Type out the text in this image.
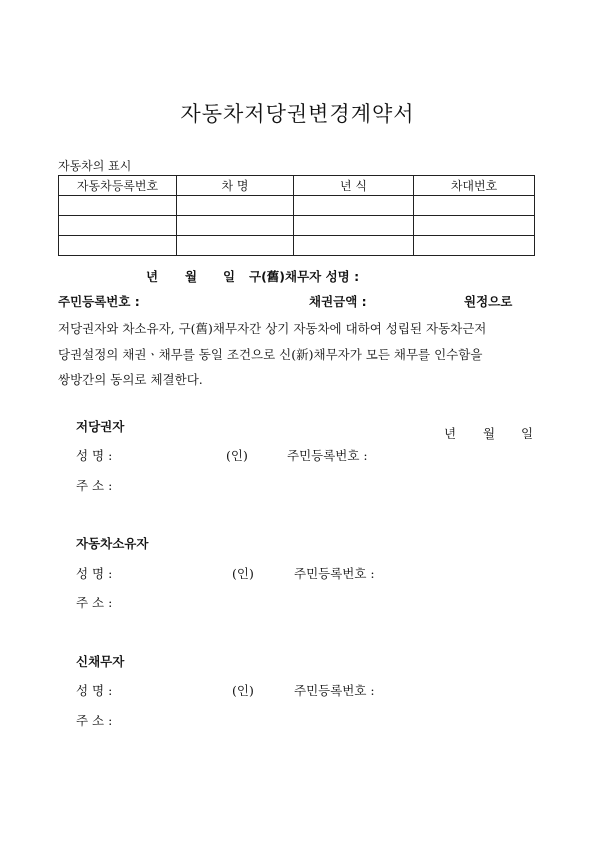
자동차저당권변경계약서
자동차의 표시
자동차등록번호	차 명	년 식	차대번호

년 월 일 구(舊)채무자 성명 :
주민등록번호 :	채권금액 :	원정으로
저당권자와 차소유자, 구(舊)채무자간 상기 자동차에 대하여 성립된 자동차근저
당권설정의 채권ㆍ채무를 동일 조건으로 신(新)채무자가 모든 채무를 인수함을
쌍방간의 동의로 체결한다.
년 월 일
저당권자
성 명 :	(인)	주민등록번호 :
주 소 :
자동차소유자
성 명 :	(인)	주민등록번호 :
주 소 :
신채무자
성 명 :	(인)	주민등록번호 :
주 소 :
